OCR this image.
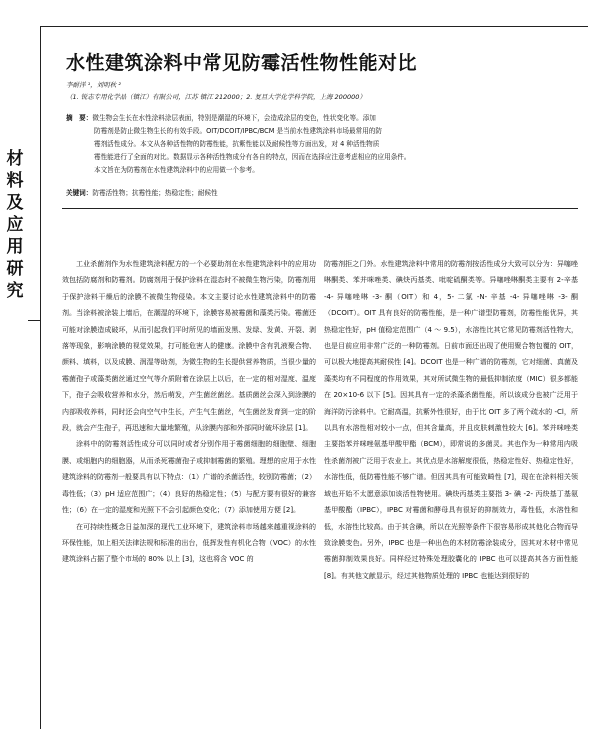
水性建筑涂料中常见防霉活性物性能对比
李耐洋 ¹，刘明秋 ²
（1. 锐志专用化学品（镇江）有限公司，江苏 镇江 212000；2. 复旦大学化学科学院，上海 200000）

摘　要：微生物会生长在水性涂料涂层表面，特别是潮湿的环境下，会造成涂层的变色，性状变化等。添加

防霉剂是防止微生物生长的有效手段。OIT/DCOIT/IPBC/BCM 是当前水性建筑涂料市场最常用的防

霉剂活性成分。本文从各种活性物的防霉性能，抗紫性能以及耐候性等方面出发，对 4 种活性物质

霉性能进行了全面的对比。数据显示各种活性物成分有各自的特点，因而在选择应注意考虑相应的应用条件。

本文旨在为防霉剂在水性建筑涂料中的应用做一个参考。

关键词：防霉活性物；抗霉性能；热稳定性；耐候性
材
料
及
应
用
研
究

工业杀菌剂作为水性建筑涂料配方的一个必要助剂在水性建筑涂料中的应用功效包括防腐剂和防霉剂。防腐剂用于保护涂料在湿态时不被微生物污染，防霉剂用于保护涂料干燥后的涂膜不被微生物侵染。本文主要讨论水性建筑涂料中的防霉剂。当涂料被涂装上墙后，在潮湿的环境下，涂膜容易被霉菌和藻类污染。霉菌还可能对涂膜造成破坏，从而引起我们平时所见的墙面发黑、发绿、发黄、开裂、剥落等现象，影响涂膜的视觉效果，打可能危害人的健康。涂膜中含有乳液聚合物、颜料、填料，以及成膜、润湿等助剂，为微生物的生长提供营养物质，当很少量的霉菌孢子或藻类菌丝通过空气等介质附着在涂层上以后，在一定的相对湿度、温度下，孢子会吸收营养和水分，然后萌发，产生菌丝菌丝。基质菌丝会深入到涂膜的内部吸收养料，同时还会向空气中生长，产生气生菌丝，气生菌丝发育到一定的阶段，就会产生孢子，再迅速和大量地繁殖，从涂膜内部和外部同时破坏涂层 [1]。

涂料中的防霉剂活性成分可以同时或者分别作用于霉菌细胞的细胞壁、细胞膜、或细胞内的细胞器，从而杀死霉菌孢子或抑制霉菌的繁殖。理想的应用于水性建筑涂料的防霉剂一般要具有以下特点：（1）广谱的杀菌活性，较别防霉菌；（2）毒性低；（3）pH 适应范围广；（4）良好的热稳定性；（5）与配方要有很好的兼容性；（6）在一定的湿度和光照下不会引起颜色变化；（7）添加使用方便 [2]。

在可持续性概念日益加深的现代工业环境下，建筑涂料市场越来越重视涂料的环保性能，加上相关法律法规和标准的出台，低挥发性有机化合物（VOC）的水性建筑涂料占据了整个市场的 80% 以上 [3]，这也将含 VOC 的

防霉剂拒之门外。水性建筑涂料中常用的防霉剂按活性成分大致可以分为：异噻唑啉酮类、苯并咪唑类、碘炔丙基类、吡啶硫酮类等。异噻唑啉酮类主要有 2-辛基 -4- 异噻唑啉 -3- 酮（OIT）和 4，5- 二氯 -N- 辛基 -4- 异噻唑啉 -3- 酮（DCOIT）。OIT 具有良好的防霉性能，是一种广谱型防霉剂，防霉性能优异，其热稳定性好，pH 值稳定范围广（4 ～ 9.5），水溶性比其它常见防霉剂活性物大，也是目前应用非常广泛的一种防霉剂。日前市面还出现了使用聚合物包覆的 OIT，可以极大地提高其耐侯性 [4]。DCOIT 也是一种广谱的防霉剂，它对细菌、真菌及藻类均有不同程度的作用效果，其对所试微生物的最低抑制浓度（MIC）很多都能在 20×10-6 以下 [5]。因其具有一定的杀藻杀菌性能，所以该成分也被广泛用于海洋防污涂料中。它耐高温，抗紫外性很好，由于比 OIT 多了两个疏水的 -Cl，所以具有水溶性相对较小一点，但其含量高，并且皮肤刺激性较大 [6]。苯并咪唑类主要指苯并咪唑氨基甲酸甲酯（BCM），即常说的多菌灵。其也作为一种常用内吸性杀菌剂被广泛用于农业上。其优点是水溶解度很低，热稳定性好、热稳定性好，水溶性低，低防霉性能不够广谱。但因其具有可能致畸性 [7]，现在在涂料相关领域也开始不太愿意添加该活性物使用。碘炔丙基类主要指 3- 碘 -2- 丙炔基丁基氨基甲酸酯（IPBC），IPBC 对霉菌和酵母具有很好的抑制效力，毒性低，水溶性和低，水溶性比较高。由于其含碘，所以在光照等条件下很容易形成其他化合物而导致涂膜变色。另外，IPBC 也是一种出色的木材防霉涂装成分，因其对木材中常见霉菌抑制效果良好。同样经过特殊处理胶囊化的 IPBC 也可以提高其各方面性能 [8]。有其他文献显示，经过其他物质处理的 IPBC 也能达到很好的
